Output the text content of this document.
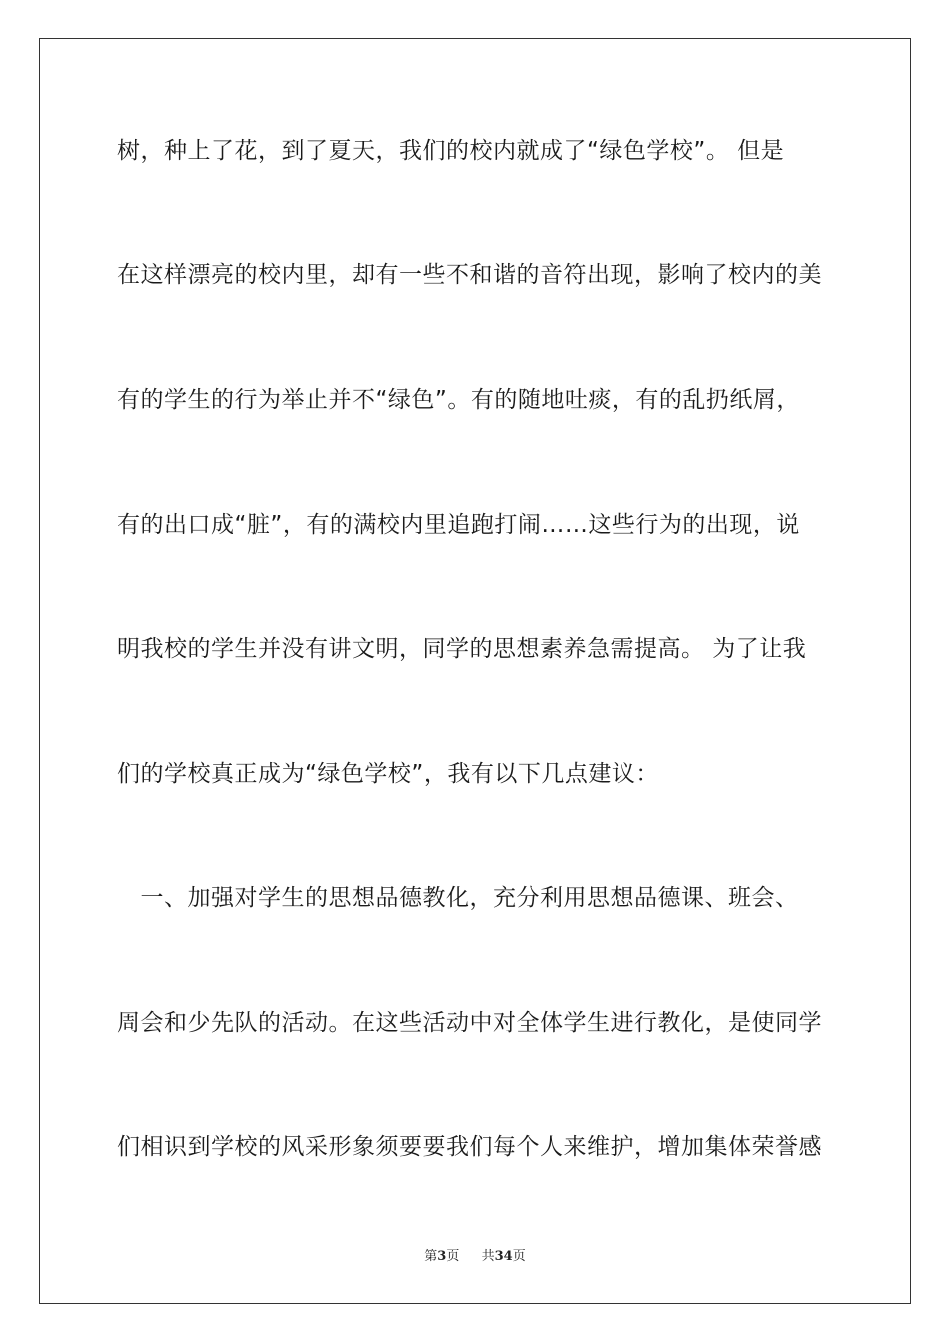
树，种上了花，到了夏天，我们的校内就成了“绿色学校”。 但是
在这样漂亮的校内里，却有一些不和谐的音符出现，影响了校内的美
有的学生的行为举止并不“绿色”。有的随地吐痰，有的乱扔纸屑，
有的出口成“脏”，有的满校内里追跑打闹……这些行为的出现，说
明我校的学生并没有讲文明，同学的思想素养急需提高。 为了让我
们的学校真正成为“绿色学校”，我有以下几点建议：
　一、加强对学生的思想品德教化，充分利用思想品德课、班会、
周会和少先队的活动。在这些活动中对全体学生进行教化，是使同学
们相识到学校的风采形象须要要我们每个人来维护，增加集体荣誉感
第3页 共34页
